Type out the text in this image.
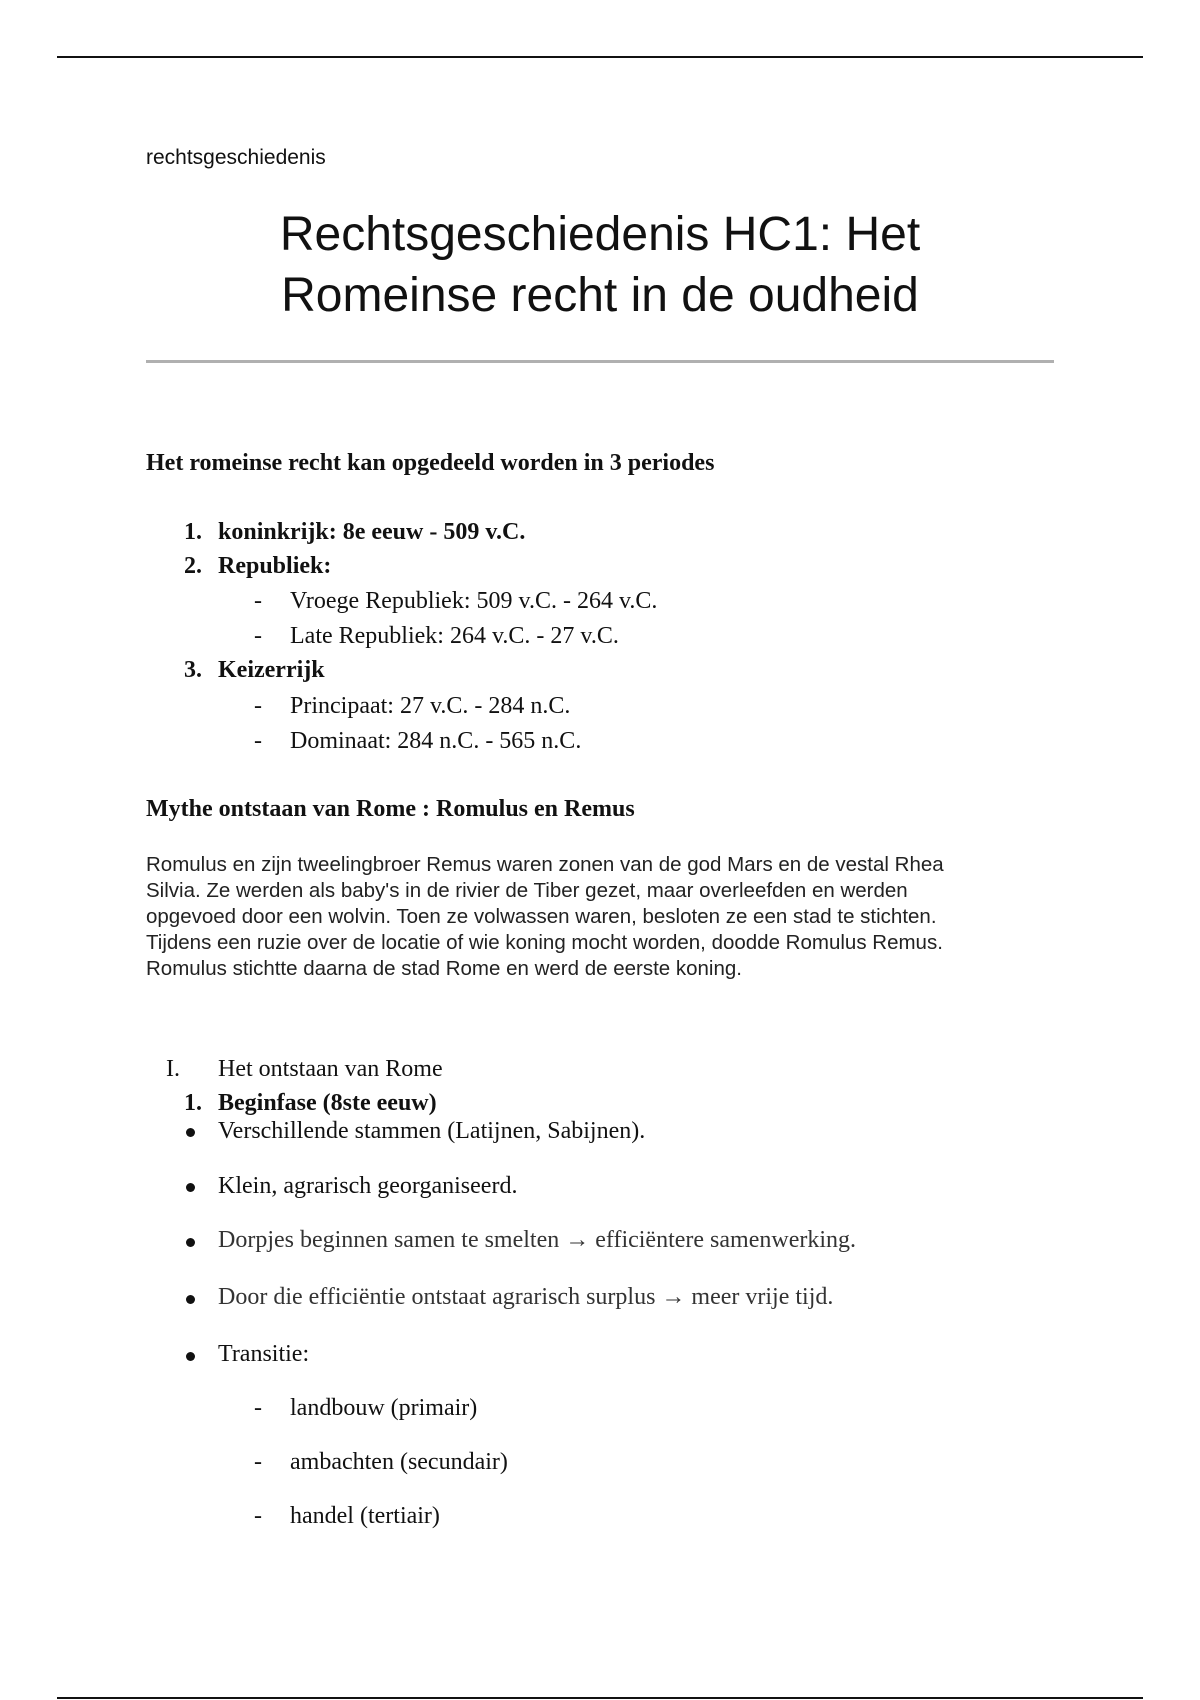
rechtsgeschiedenis
Rechtsgeschiedenis HC1: Het
Romeinse recht in de oudheid
Het romeinse recht kan opgedeeld worden in 3 periodes
1. koninkrijk: 8e eeuw - 509 v.C.
2. Republiek:
- Vroege Republiek: 509 v.C. - 264 v.C.
- Late Republiek: 264 v.C. - 27 v.C.
3. Keizerrijk
- Principaat: 27 v.C. - 284 n.C.
- Dominaat: 284 n.C. - 565 n.C.
Mythe ontstaan van Rome : Romulus en Remus
Romulus en zijn tweelingbroer Remus waren zonen van de god Mars en de vestal Rhea
Silvia. Ze werden als baby's in de rivier de Tiber gezet, maar overleefden en werden
opgevoed door een wolvin. Toen ze volwassen waren, besloten ze een stad te stichten.
Tijdens een ruzie over de locatie of wie koning mocht worden, doodde Romulus Remus.
Romulus stichtte daarna de stad Rome en werd de eerste koning.
I. Het ontstaan van Rome
1. Beginfase (8ste eeuw)
Verschillende stammen (Latijnen, Sabijnen).
Klein, agrarisch georganiseerd.
Dorpjes beginnen samen te smelten → efficiëntere samenwerking.
Door die efficiëntie ontstaat agrarisch surplus → meer vrije tijd.
Transitie:
- landbouw (primair)
- ambachten (secundair)
- handel (tertiair)
